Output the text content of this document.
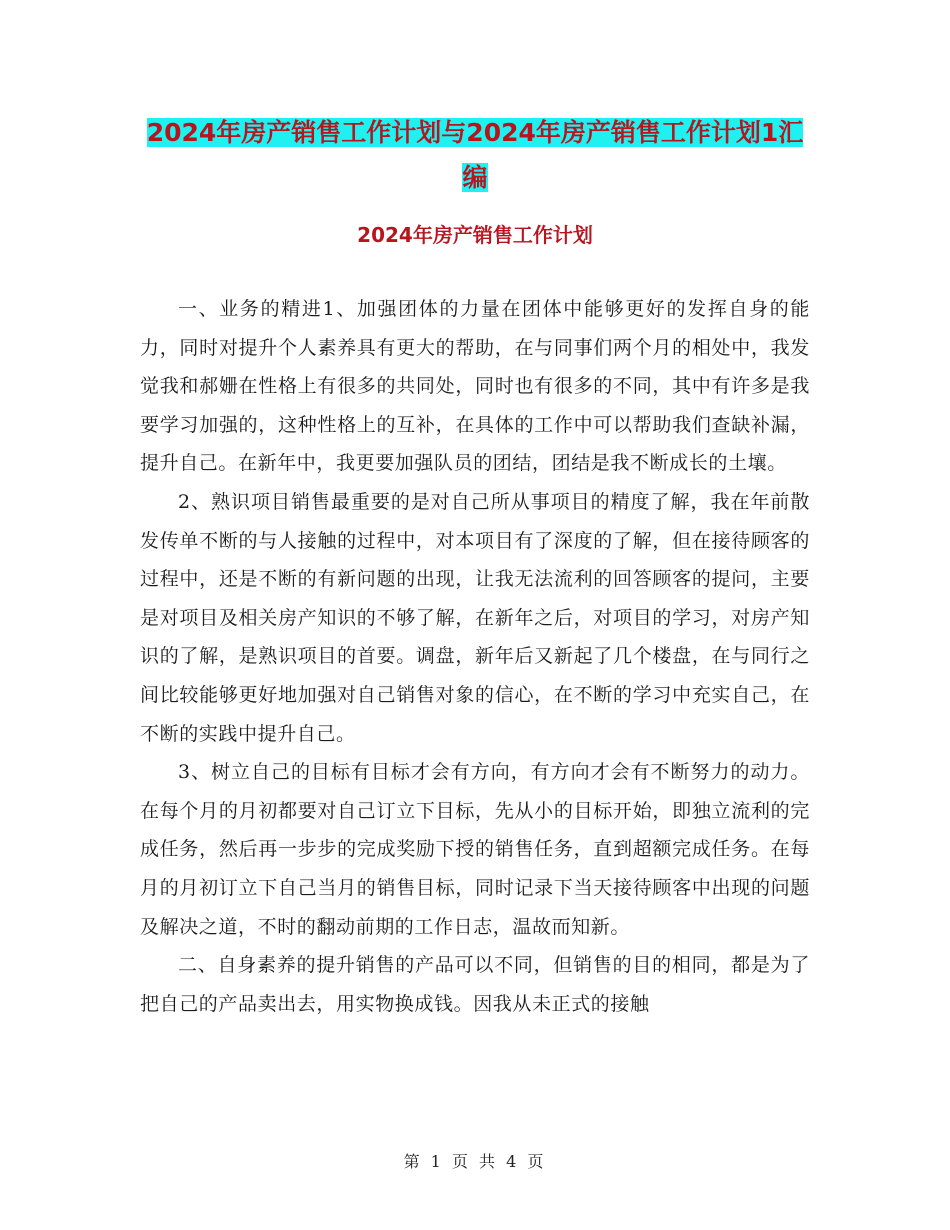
2024年房产销售工作计划与2024年房产销售工作计划1汇编
2024年房产销售工作计划

一、业务的精进1、加强团体的力量在团体中能够更好的发挥自身的能力，同时对提升个人素养具有更大的帮助，在与同事们两个月的相处中，我发觉我和郝姗在性格上有很多的共同处，同时也有很多的不同，其中有许多是我要学习加强的，这种性格上的互补，在具体的工作中可以帮助我们查缺补漏，提升自己。在新年中，我更要加强队员的团结，团结是我不断成长的土壤。

2、熟识项目销售最重要的是对自己所从事项目的精度了解，我在年前散发传单不断的与人接触的过程中，对本项目有了深度的了解，但在接待顾客的过程中，还是不断的有新问题的出现，让我无法流利的回答顾客的提问，主要是对项目及相关房产知识的不够了解，在新年之后，对项目的学习，对房产知识的了解，是熟识项目的首要。调盘，新年后又新起了几个楼盘，在与同行之间比较能够更好地加强对自己销售对象的信心，在不断的学习中充实自己，在不断的实践中提升自己。

3、树立自己的目标有目标才会有方向，有方向才会有不断努力的动力。在每个月的月初都要对自己订立下目标，先从小的目标开始，即独立流利的完成任务，然后再一步步的完成奖励下授的销售任务，直到超额完成任务。在每月的月初订立下自己当月的销售目标，同时记录下当天接待顾客中出现的问题及解决之道，不时的翻动前期的工作日志，温故而知新。

二、自身素养的提升销售的产品可以不同，但销售的目的相同，都是为了把自己的产品卖出去，用实物换成钱。因我从未正式的接触

第 1 页 共 4 页
